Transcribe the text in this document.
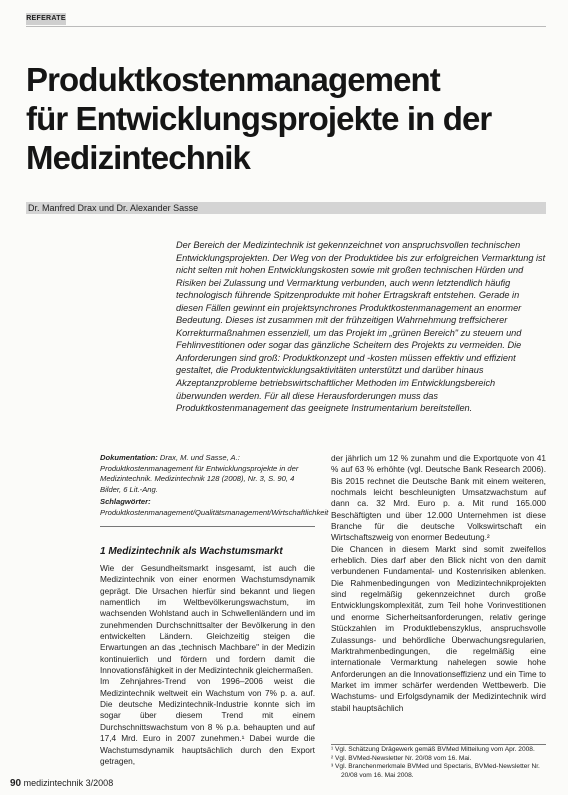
REFERATE
Produktkostenmanagement
für Entwicklungsprojekte in der
Medizintechnik
Dr. Manfred Drax und Dr. Alexander Sasse
Der Bereich der Medizintechnik ist gekennzeichnet von anspruchsvollen technischen Entwicklungsprojekten. Der Weg von der Produktidee bis zur erfolgreichen Vermarktung ist nicht selten mit hohen Entwicklungskosten sowie mit großen technischen Hürden und Risiken bei Zulassung und Vermarktung verbunden, auch wenn letztendlich häufig technologisch führende Spitzenprodukte mit hoher Ertragskraft entstehen. Gerade in diesen Fällen gewinnt ein projektsynchrones Produktkostenmanagement an enormer Bedeutung. Dieses ist zusammen mit der frühzeitigen Wahrnehmung treffsicherer Korrekturmaßnahmen essenziell, um das Projekt im „grünen Bereich" zu steuern und Fehlinvestitionen oder sogar das gänzliche Scheitern des Projekts zu vermeiden. Die Anforderungen sind groß: Produktkonzept und -kosten müssen effektiv und effizient gestaltet, die Produktentwicklungsaktivitäten unterstützt und darüber hinaus Akzeptanzprobleme betriebswirtschaftlicher Methoden im Entwicklungsbereich überwunden werden. Für all diese Herausforderungen muss das Produktkostenmanagement das geeignete Instrumentarium bereitstellen.
Dokumentation: Drax, M. und Sasse, A.: Produktkostenmanagement für Entwicklungsprojekte in der Medizintechnik. Medizintechnik 128 (2008), Nr. 3, S. 90, 4 Bilder, 6 Lit.-Ang.
Schlagwörter: Produktkostenmanagement/Qualitätsmanagement/Wirtschaftlichkeit
1 Medizintechnik als Wachstumsmarkt

Wie der Gesundheitsmarkt insgesamt, ist auch die Medizintechnik von einer enormen Wachstumsdynamik geprägt. Die Ursachen hierfür sind bekannt und liegen namentlich im Weltbevölkerungswachstum, im wachsenden Wohlstand auch in Schwellenländern und im zunehmenden Durchschnittsalter der Bevölkerung in den entwickelten Ländern. Gleichzeitig steigen die Erwartungen an das „technisch Machbare" in der Medizin kontinuierlich und fördern und fordern damit die Innovationsfähigkeit in der Medizintechnik gleichermaßen.

Im Zehnjahres-Trend von 1996–2006 weist die Medizintechnik weltweit ein Wachstum von 7% p. a. auf. Die deutsche Medizintechnik-Industrie konnte sich im sogar über diesem Trend mit einem Durchschnittswachstum von 8 % p.a. behaupten und auf 17,4 Mrd. Euro in 2007 zunehmen.¹ Dabei wurde die Wachstumsdynamik hauptsächlich durch den Export getragen,

der jährlich um 12 % zunahm und die Exportquote von 41 % auf 63 % erhöhte (vgl. Deutsche Bank Research 2006). Bis 2015 rechnet die Deutsche Bank mit einem weiteren, nochmals leicht beschleunigten Umsatzwachstum auf dann ca. 32 Mrd. Euro p. a. Mit rund 165.000 Beschäftigten und über 12.000 Unternehmen ist diese Branche für die deutsche Volkswirtschaft ein Wirtschaftszweig von enormer Bedeutung.²

Die Chancen in diesem Markt sind somit zweifellos erheblich. Dies darf aber den Blick nicht von den damit verbundenen Fundamental- und Kostenrisiken ablenken. Die Rahmenbedingungen von Medizintechnikprojekten sind regelmäßig gekennzeichnet durch große Entwicklungskomplexität, zum Teil hohe Vorinvestitionen und enorme Sicherheitsanforderungen, relativ geringe Stückzahlen im Produktlebenszyklus, anspruchsvolle Zulassungs- und behördliche Überwachungsregularien, Marktrahmenbedingungen, die regelmäßig eine internationale Vermarktung nahelegen sowie hohe Anforderungen an die Innovationseffizienz und ein Time to Market im immer schärfer werdenden Wettbewerb. Die Wachstums- und Erfolgsdynamik der Medizintechnik wird stabil hauptsächlich

¹ Vgl. Schätzung Drägewerk gemäß BVMed Mitteilung vom Apr. 2008.
² Vgl. BVMed-Newsletter Nr. 20/08 vom 16. Mai.
³ Vgl. Branchenmerkmale BVMed und Spectaris, BVMed-Newsletter Nr. 20/08 vom 16. Mai 2008.
90 medizintechnik 3/2008
